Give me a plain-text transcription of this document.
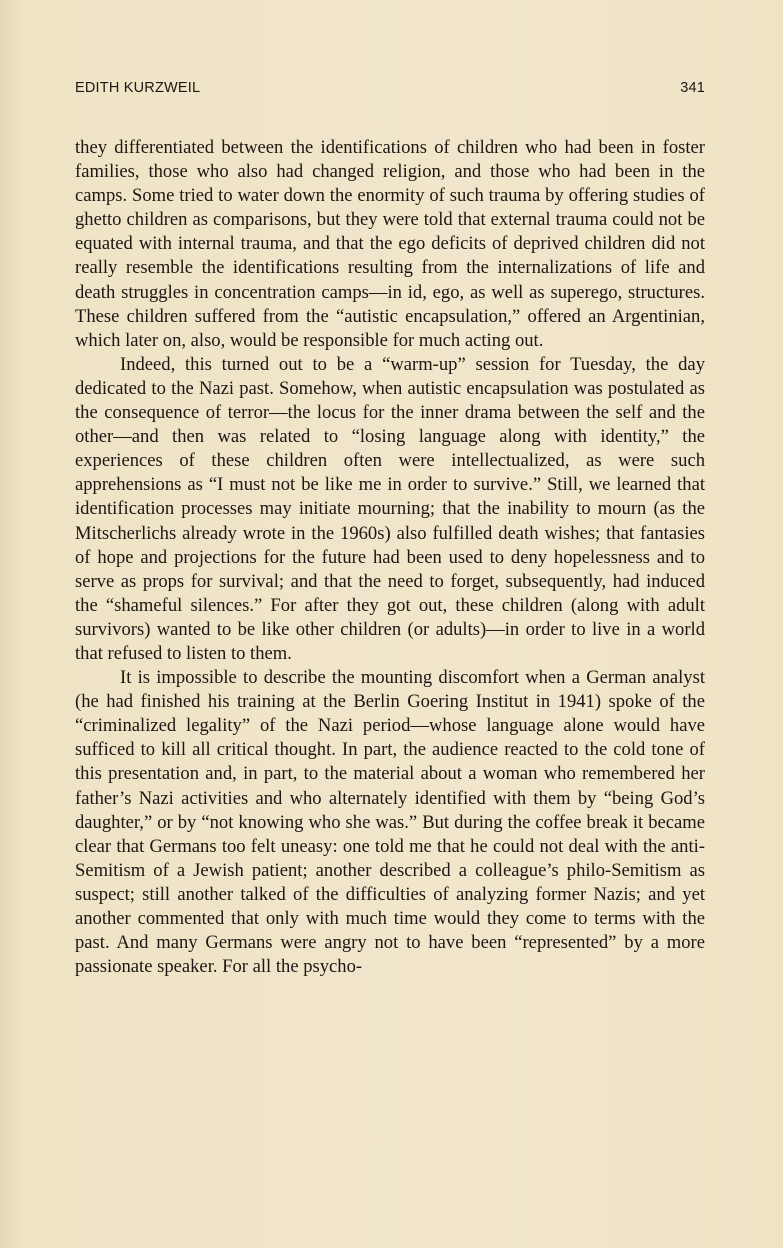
EDITH KURZWEIL	341

they differentiated between the identifications of children who had been in foster families, those who also had changed religion, and those who had been in the camps. Some tried to water down the enormity of such trauma by offering studies of ghetto children as comparisons, but they were told that external trauma could not be equated with internal trauma, and that the ego deficits of deprived children did not really resemble the identifications resulting from the internalizations of life and death struggles in concentration camps—in id, ego, as well as superego, structures. These children suffered from the “autistic encapsulation,” offered an Argentinian, which later on, also, would be responsible for much acting out.

Indeed, this turned out to be a “warm-up” session for Tuesday, the day dedicated to the Nazi past. Somehow, when autistic encapsulation was postulated as the consequence of terror—the locus for the inner drama between the self and the other—and then was related to “losing language along with identity,” the experiences of these children often were intellectualized, as were such apprehensions as “I must not be like me in order to survive.” Still, we learned that identification processes may initiate mourning; that the inability to mourn (as the Mitscherlichs already wrote in the 1960s) also fulfilled death wishes; that fantasies of hope and projections for the future had been used to deny hopelessness and to serve as props for survival; and that the need to forget, subsequently, had induced the “shameful silences.” For after they got out, these children (along with adult survivors) wanted to be like other children (or adults)—in order to live in a world that refused to listen to them.

It is impossible to describe the mounting discomfort when a German analyst (he had finished his training at the Berlin Goering Institut in 1941) spoke of the “criminalized legality” of the Nazi period—whose language alone would have sufficed to kill all critical thought. In part, the audience reacted to the cold tone of this presentation and, in part, to the material about a woman who remembered her father’s Nazi activities and who alternately identified with them by “being God’s daughter,” or by “not knowing who she was.” But during the coffee break it became clear that Germans too felt uneasy: one told me that he could not deal with the anti-Semitism of a Jewish patient; another described a colleague’s philo-Semitism as suspect; still another talked of the difficulties of analyzing former Nazis; and yet another commented that only with much time would they come to terms with the past. And many Germans were angry not to have been “represented” by a more passionate speaker. For all the psycho-
